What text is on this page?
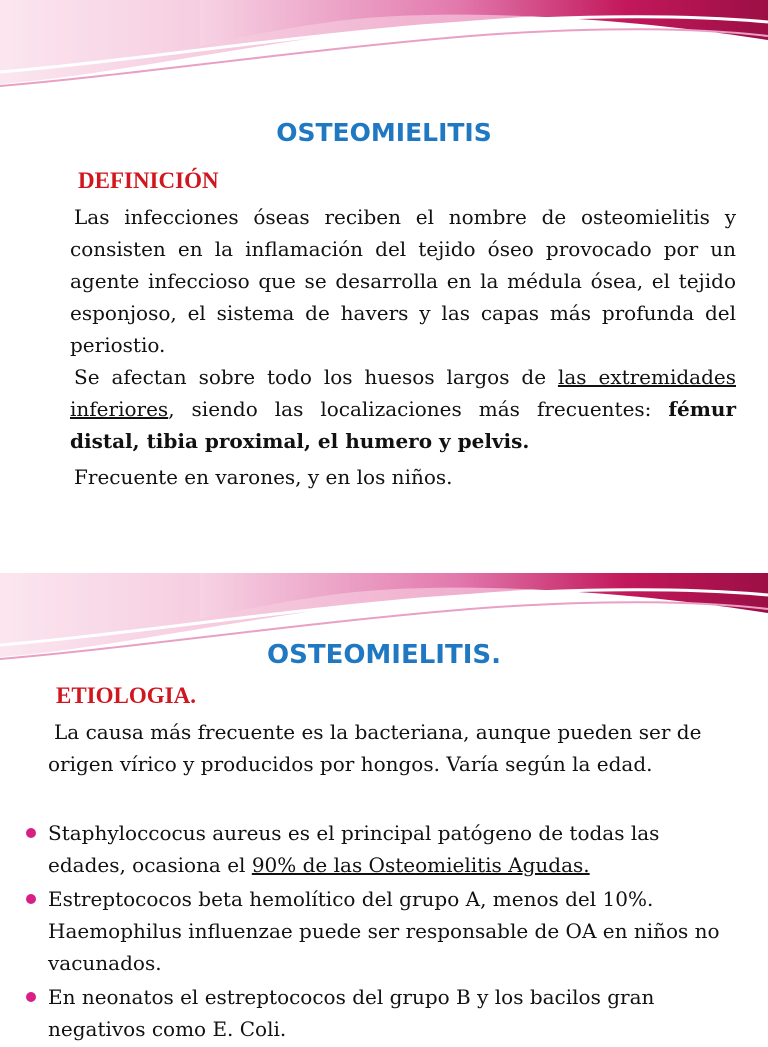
OSTEOMIELITIS
DEFINICIÓN

Las infecciones óseas reciben el nombre de osteomielitis y consisten en la inflamación del tejido óseo provocado por un agente infeccioso que se desarrolla en la médula ósea, el tejido esponjoso, el sistema de havers y las capas más profunda del periostio.

Se afectan sobre todo los huesos largos de las extremidades inferiores, siendo las localizaciones más frecuentes: fémur distal, tibia proximal, el humero y pelvis.

Frecuente en varones, y en los niños.

OSTEOMIELITIS.
ETIOLOGIA.

La causa más frecuente es la bacteriana, aunque pueden ser de origen vírico y producidos por hongos. Varía según la edad.

Staphyloccocus aureus es el principal patógeno de todas las edades, ocasiona el 90% de las Osteomielitis Agudas.
Estreptococos beta hemolítico del grupo A, menos del 10%. Haemophilus influenzae puede ser responsable de OA en niños no vacunados.
En neonatos el estreptococos del grupo B y los bacilos gran negativos como E. Coli.
